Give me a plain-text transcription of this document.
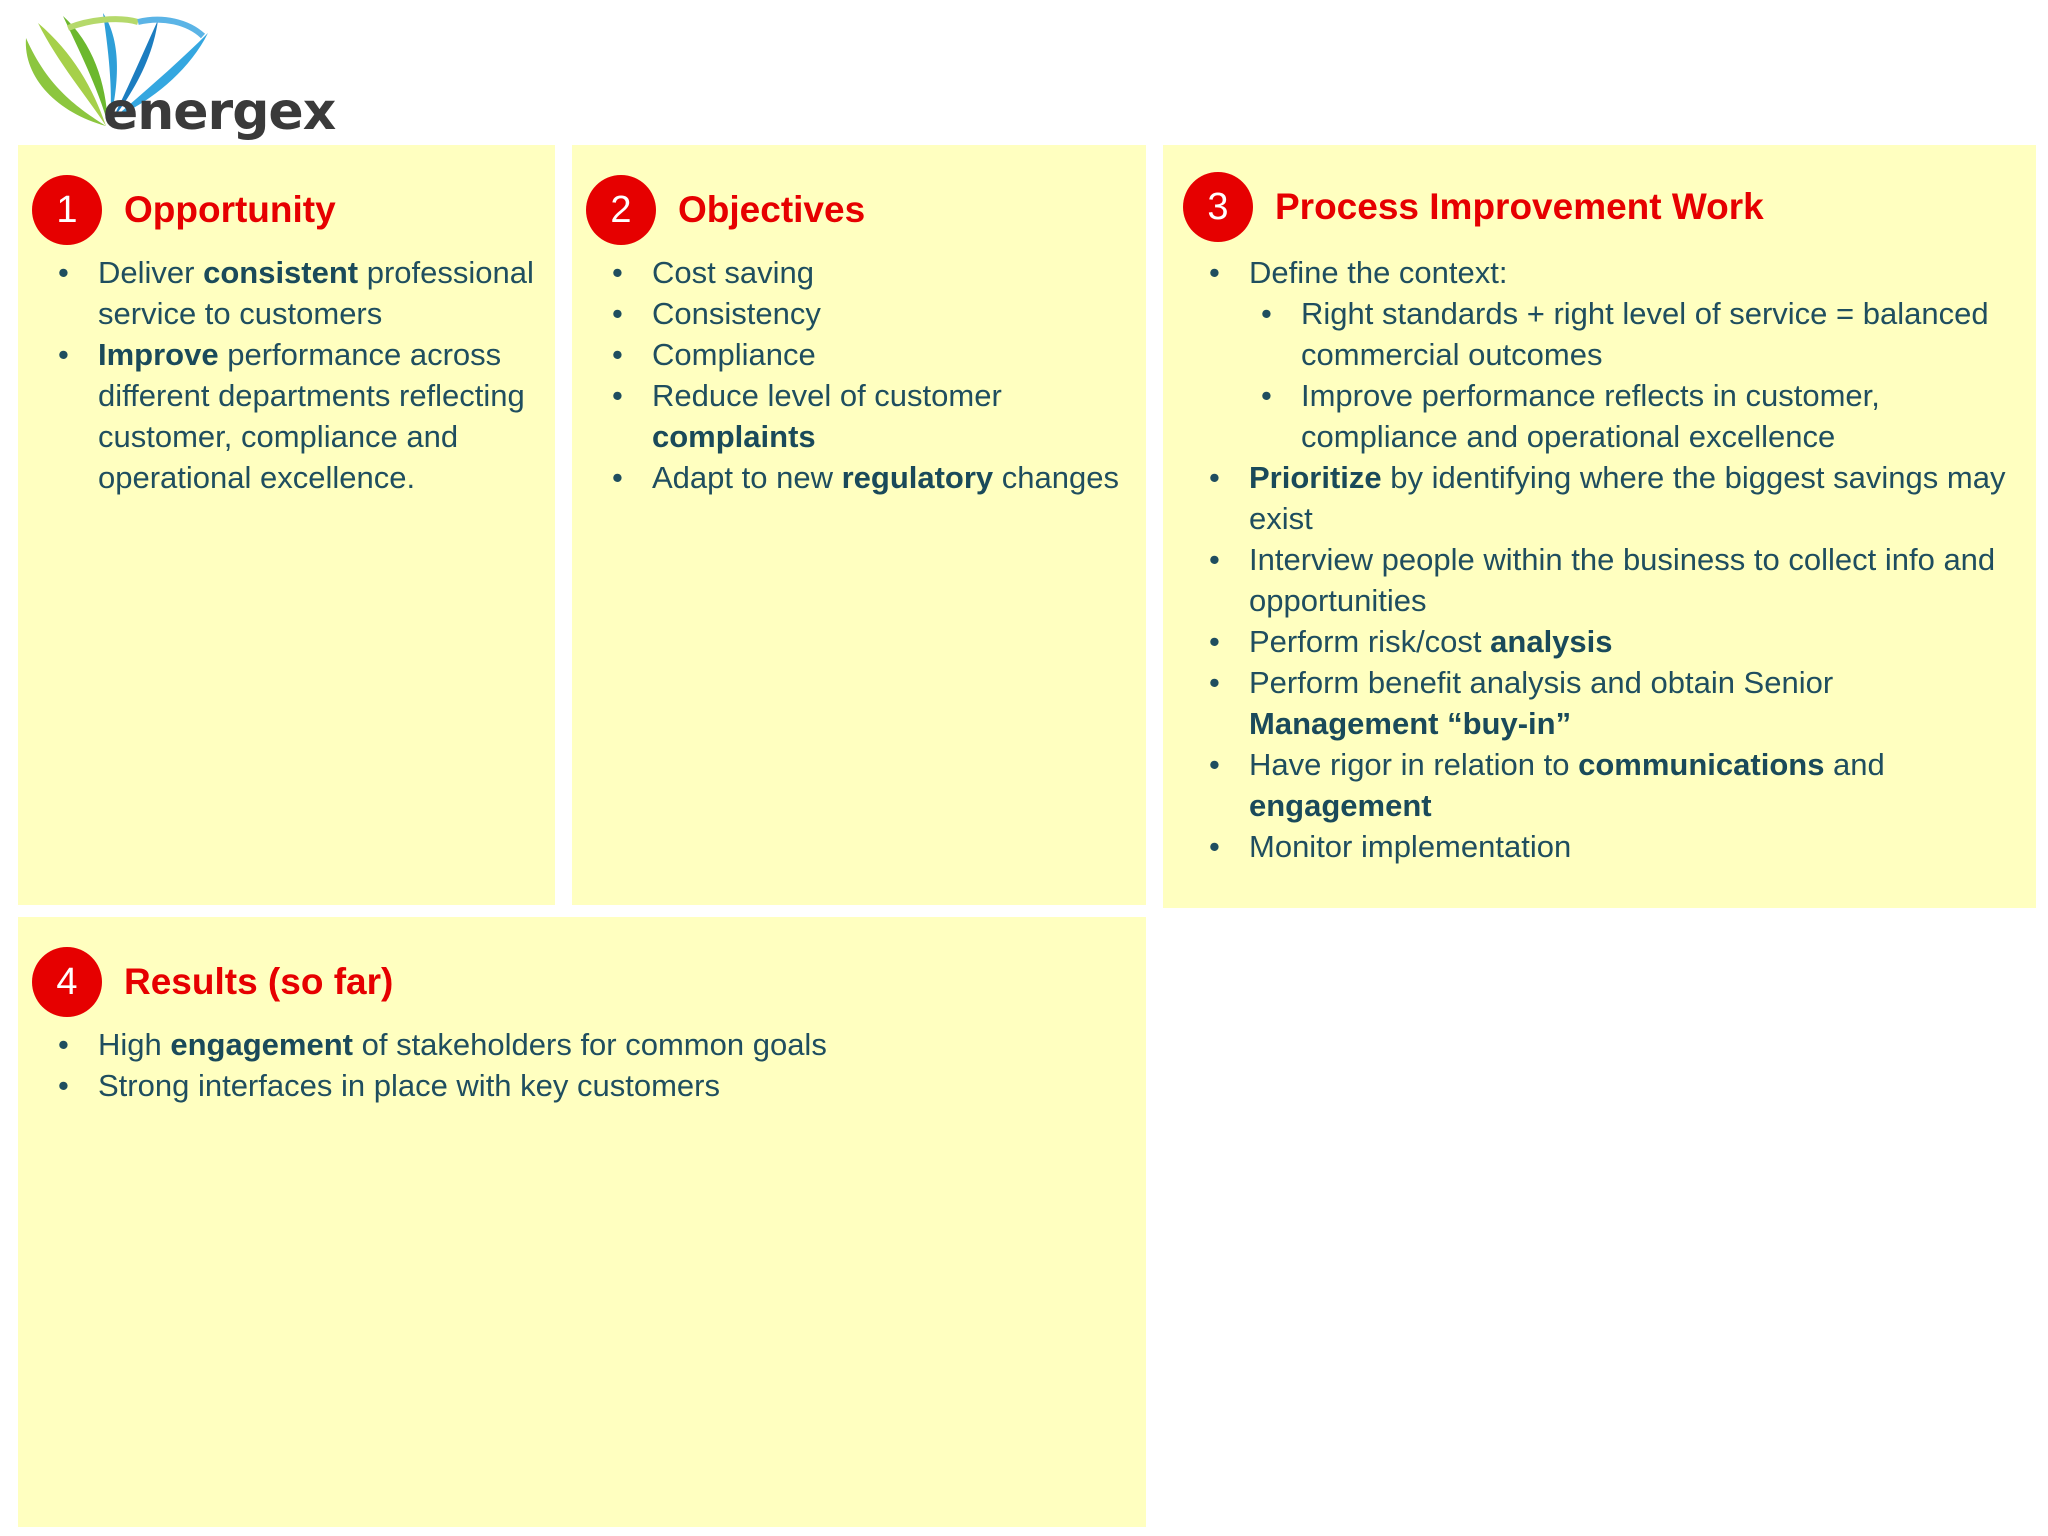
energex
1	Opportunity
• Deliver consistent professional service to customers
• Improve performance across different departments reflecting customer, compliance and operational excellence.
2	Objectives
• Cost saving
• Consistency
• Compliance
• Reduce level of customer complaints
• Adapt to new regulatory changes
3	Process Improvement Work
• Define the context:
• Right standards + right level of service = balanced commercial outcomes
• Improve performance reflects in customer, compliance and operational excellence
• Prioritize by identifying where the biggest savings may exist
• Interview people within the business to collect info and opportunities
• Perform risk/cost analysis
• Perform benefit analysis and obtain Senior Management “buy-in”
• Have rigor in relation to communications and engagement
• Monitor implementation
4	Results (so far)
• High engagement of stakeholders for common goals
• Strong interfaces in place with key customers
